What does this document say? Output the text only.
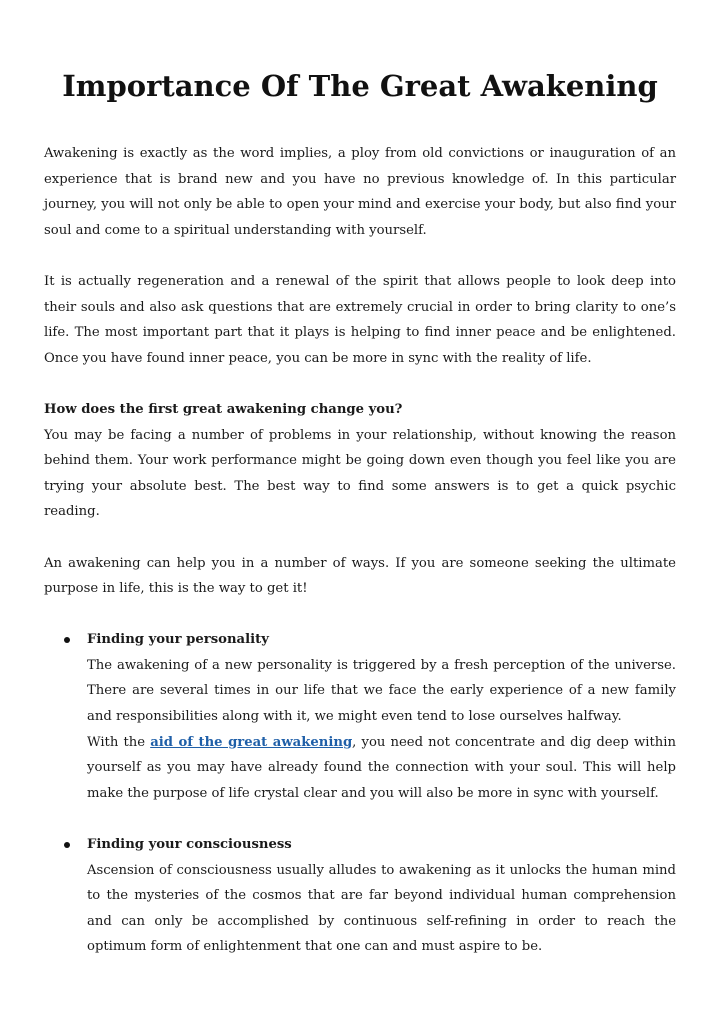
Importance Of The Great Awakening

Awakening is exactly as the word implies, a ploy from old convictions or inauguration of an experience that is brand new and you have no previous knowledge of. In this particular journey, you will not only be able to open your mind and exercise your body, but also find your soul and come to a spiritual understanding with yourself.

It is actually regeneration and a renewal of the spirit that allows people to look deep into their souls and also ask questions that are extremely crucial in order to bring clarity to one’s life. The most important part that it plays is helping to find inner peace and be enlightened. Once you have found inner peace, you can be more in sync with the reality of life.

How does the first great awakening change you?

You may be facing a number of problems in your relationship, without knowing the reason behind them. Your work performance might be going down even though you feel like you are trying your absolute best. The best way to find some answers is to get a quick psychic reading.

An awakening can help you in a number of ways. If you are someone seeking the ultimate purpose in life, this is the way to get it!

Finding your personality

The awakening of a new personality is triggered by a fresh perception of the universe. There are several times in our life that we face the early experience of a new family and responsibilities along with it, we might even tend to lose ourselves halfway.

With the aid of the great awakening, you need not concentrate and dig deep within yourself as you may have already found the connection with your soul. This will help make the purpose of life crystal clear and you will also be more in sync with yourself.

Finding your consciousness

Ascension of consciousness usually alludes to awakening as it unlocks the human mind to the mysteries of the cosmos that are far beyond individual human comprehension and can only be accomplished by continuous self-refining in order to reach the optimum form of enlightenment that one can and must aspire to be.
